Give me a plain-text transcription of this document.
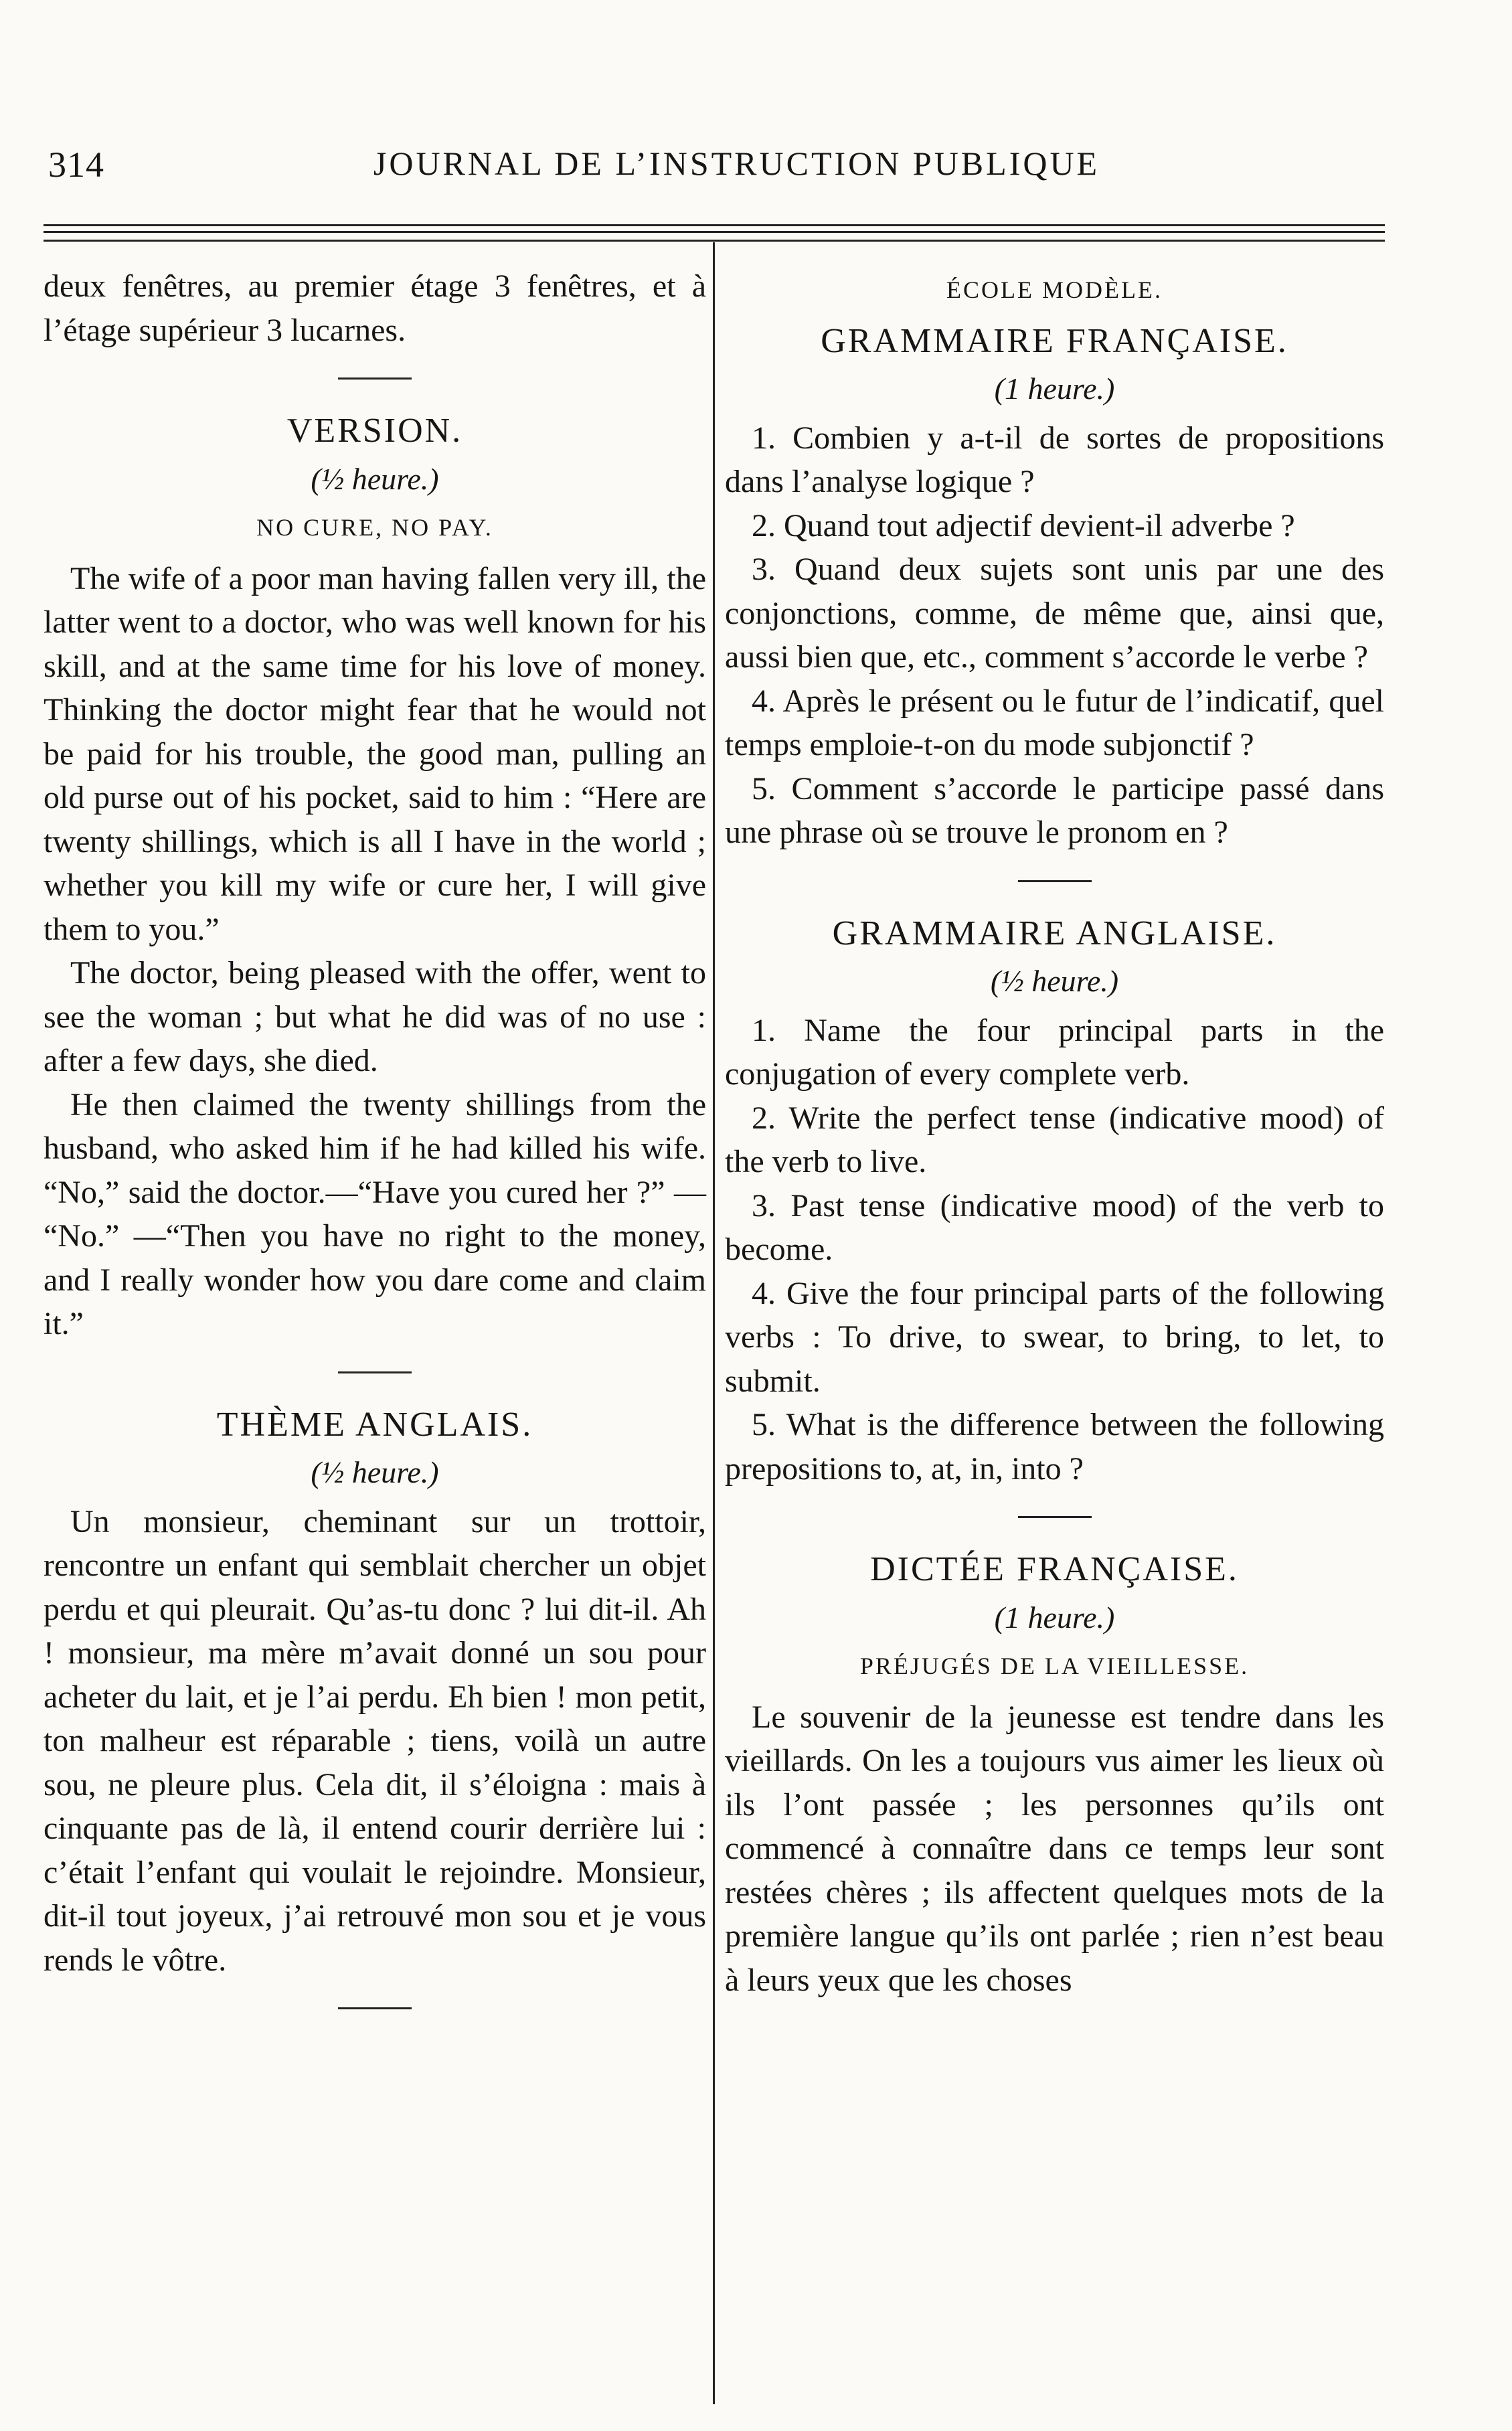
314	JOURNAL DE L’INSTRUCTION PUBLIQUE

deux fenêtres, au premier étage 3 fenêtres, et à l’étage supérieur 3 lucarnes.

VERSION.
(½ heure.)
NO CURE, NO PAY.

The wife of a poor man having fallen very ill, the latter went to a doctor, who was well known for his skill, and at the same time for his love of money. Thinking the doctor might fear that he would not be paid for his trouble, the good man, pulling an old purse out of his pocket, said to him : “Here are twenty shillings, which is all I have in the world ; whether you kill my wife or cure her, I will give them to you.”

The doctor, being pleased with the offer, went to see the woman ; but what he did was of no use : after a few days, she died.

He then claimed the twenty shillings from the husband, who asked him if he had killed his wife. “No,” said the doctor.—“Have you cured her ?” — “No.” —“Then you have no right to the money, and I really wonder how you dare come and claim it.”

THÈME ANGLAIS.
(½ heure.)

Un monsieur, cheminant sur un trottoir, rencontre un enfant qui semblait chercher un objet perdu et qui pleurait. Qu’as-tu donc ? lui dit-il. Ah ! monsieur, ma mère m’avait donné un sou pour acheter du lait, et je l’ai perdu. Eh bien ! mon petit, ton malheur est réparable ; tiens, voilà un autre sou, ne pleure plus. Cela dit, il s’éloigna : mais à cinquante pas de là, il entend courir derrière lui : c’était l’enfant qui voulait le rejoindre. Monsieur, dit-il tout joyeux, j’ai retrouvé mon sou et je vous rends le vôtre.

ÉCOLE MODÈLE.
GRAMMAIRE FRANÇAISE.
(1 heure.)
1. Combien y a-t-il de sortes de propositions dans l’analyse logique ?
2. Quand tout adjectif devient-il adverbe ?
3. Quand deux sujets sont unis par une des conjonctions, comme, de même que, ainsi que, aussi bien que, etc., comment s’accorde le verbe ?
4. Après le présent ou le futur de l’indicatif, quel temps emploie-t-on du mode subjonctif ?
5. Comment s’accorde le participe passé dans une phrase où se trouve le pronom en ?
GRAMMAIRE ANGLAISE.
(½ heure.)
1. Name the four principal parts in the conjugation of every complete verb.
2. Write the perfect tense (indicative mood) of the verb to live.
3. Past tense (indicative mood) of the verb to become.
4. Give the four principal parts of the following verbs : To drive, to swear, to bring, to let, to submit.
5. What is the difference between the following prepositions to, at, in, into ?
DICTÉE FRANÇAISE.
(1 heure.)
PRÉJUGÉS DE LA VIEILLESSE.

Le souvenir de la jeunesse est tendre dans les vieillards. On les a toujours vus aimer les lieux où ils l’ont passée ; les personnes qu’ils ont commencé à connaître dans ce temps leur sont restées chères ; ils affectent quelques mots de la première langue qu’ils ont parlée ; rien n’est beau à leurs yeux que les choses
